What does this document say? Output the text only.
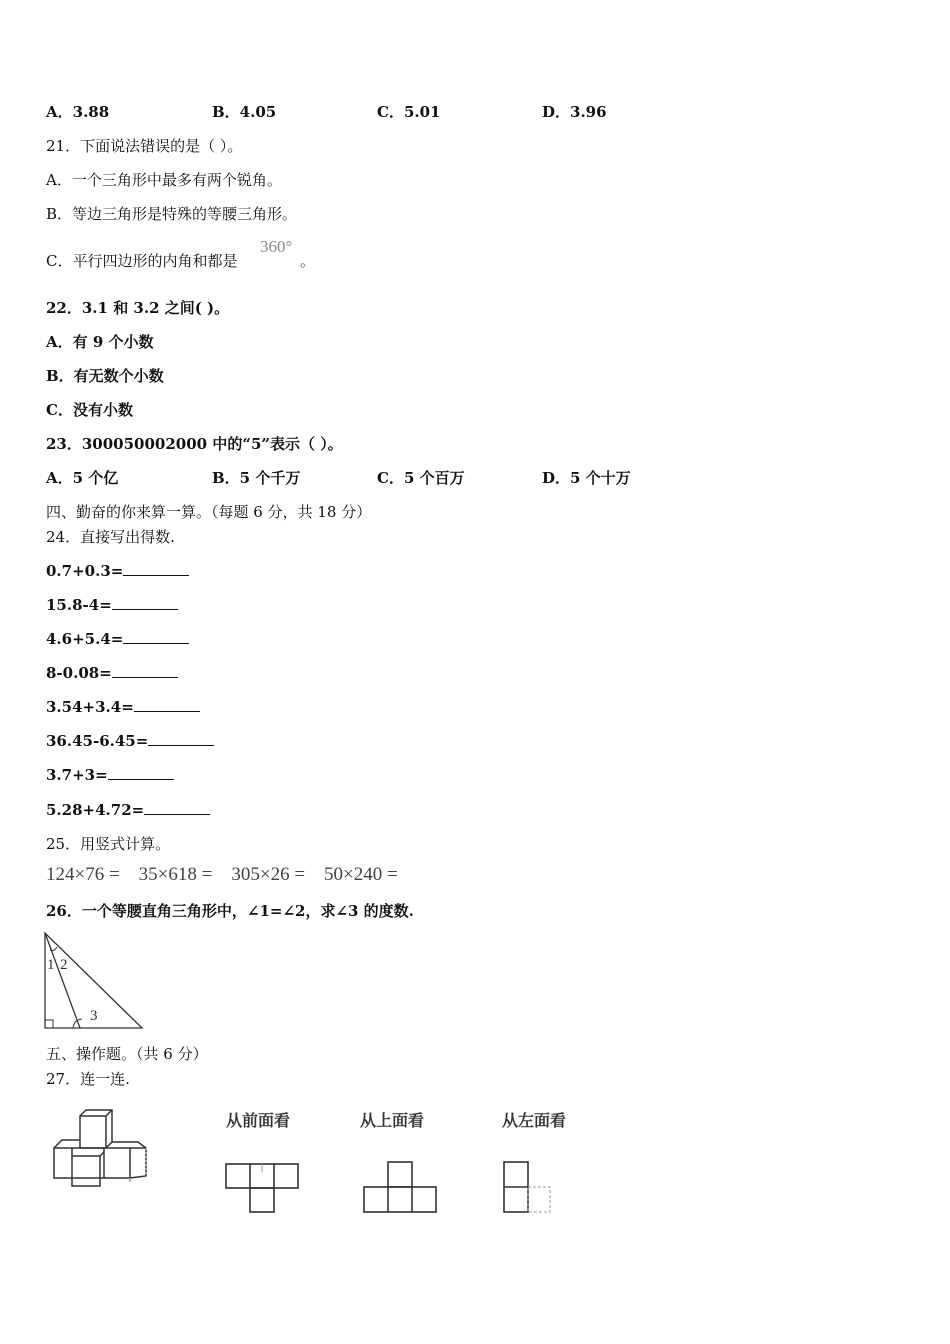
A．3.88	B．4.05	C．5.01	D．3.96
21．下面说法错误的是（ ）。
A．一个三角形中最多有两个锐角。
B．等边三角形是特殊的等腰三角形。
C．平行四边形的内角和都是
360°
。
22．3.1 和 3.2 之间( )。
A．有 9 个小数
B．有无数个小数
C．没有小数
23．300050002000 中的“5”表示（ ）。
A．5 个亿	B．5 个千万	C．5 个百万	D．5 个十万
四、勤奋的你来算一算。（每题 6 分，共 18 分）
24．直接写出得数.
0.7+0.3=
15.8-4=
4.6+5.4=
8-0.08=
3.54+3.4=
36.45-6.45=
3.7+3=
5.28+4.72=
25．用竖式计算。
124×76 =    35×618 =    305×26 =    50×240 =
26．一个等腰直角三角形中，∠1=∠2，求∠3 的度数.
1 2
3
五、操作题。（共 6 分）
27．连一连.
从前面看	从上面看	从左面看
